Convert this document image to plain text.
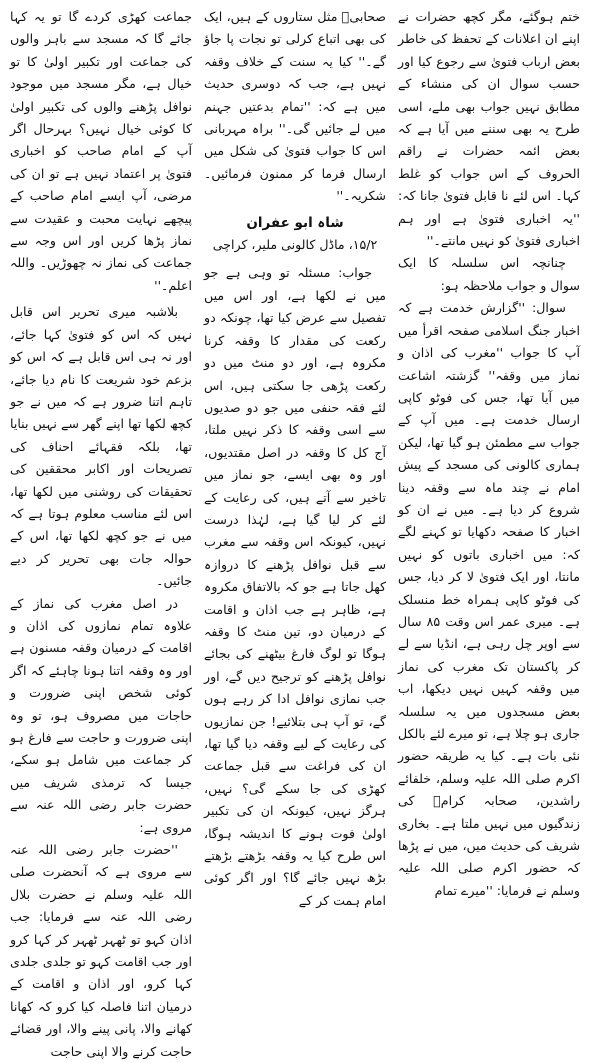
ختم ہوگئے، مگر کچھ حضرات نے اپنے ان اعلانات کے تحفظ کی خاطر بعض ارباب فتویٰ سے رجوع کیا اور حسب سوال ان کی منشاء کے مطابق نہیں جواب بھی ملے، اسی طرح یہ بھی سننے میں آیا ہے کہ بعض ائمہ حضرات نے راقم الحروف کے اس جواب کو غلط کہا۔ اس لئے نا قابل فتویٰ جانا کہ: ''یہ اخباری فتویٰ ہے اور ہم اخباری فتویٰ کو نہیں مانتے۔''

چنانچہ اس سلسلہ کا ایک سوال و جواب ملاحظہ ہو:

سوال: ''گزارش خدمت ہے کہ اخبار جنگ اسلامی صفحہ اقرأ میں آپ کا جواب ''مغرب کی اذان و نماز میں وقفہ'' گزشتہ اشاعت میں آیا تھا، جس کی فوٹو کاپی ارسال خدمت ہے۔ میں آپ کے جواب سے مطمئن ہو گیا تھا، لیکن ہماری کالونی کی مسجد کے پیش امام نے چند ماہ سے وقفہ دینا شروع کر دیا ہے۔ میں نے ان کو اخبار کا صفحہ دکھایا تو کہنے لگے کہ: میں اخباری باتوں کو نہیں مانتا، اور ایک فتویٰ لا کر دیا، جس کی فوٹو کاپی ہمراہ خط منسلک ہے۔ میری عمر اس وقت ۸۵ سال سے اوپر چل رہی ہے، انڈیا سے لے کر پاکستان تک مغرب کی نماز میں وقفہ کہیں نہیں دیکھا، اب بعض مسجدوں میں یہ سلسلہ جاری ہو چلا ہے، تو میرے لئے بالکل نئی بات ہے۔ کیا یہ طریقہ حضور اکرم صلی اللہ علیہ وسلم، خلفائے راشدین، صحابہ کرامؓ کی زندگیوں میں نہیں ملتا ہے۔ بخاری شریف کی حدیث میں، میں نے پڑھا کہ حضور اکرم صلی اللہ علیہ وسلم نے فرمایا: ''میرے تمام

صحابیؓ مثل ستاروں کے ہیں، ایک کی بھی اتباع کرلی تو نجات پا جاؤ گے۔'' کیا یہ سنت کے خلاف وقفہ نہیں ہے، جب کہ دوسری حدیث میں ہے کہ: ''تمام بدعتیں جہنم میں لے جائیں گی۔'' براہ مہربانی اس کا جواب فتویٰ کی شکل میں ارسال فرما کر ممنون فرمائیں۔ شکریہ۔''

شاہ ابو عفران

۱۵/۲، ماڈل کالونی ملیر، کراچی

جواب: مسئلہ تو وہی ہے جو میں نے لکھا ہے، اور اس میں تفصیل سے عرض کیا تھا، چونکہ دو رکعت کی مقدار کا وقفہ کرنا مکروہ ہے، اور دو منٹ میں دو رکعت پڑھی جا سکتی ہیں، اس لئے فقہ حنفی میں جو دو صدیوں سے اسی وقفہ کا ذکر نہیں ملتا، آج کل کا وقفہ در اصل مقتدیوں، اور وہ بھی ایسے، جو نماز میں تاخیر سے آتے ہیں، کی رعایت کے لئے کر لیا گیا ہے، لہٰذا درست نہیں، کیونکہ اس وقفہ سے مغرب سے قبل نوافل پڑھنے کا دروازہ کھل جاتا ہے جو کہ بالاتفاق مکروہ ہے، ظاہر ہے جب اذان و اقامت کے درمیان دو، تین منٹ کا وقفہ ہوگا تو لوگ فارغ بیٹھنے کی بجائے نوافل پڑھنے کو ترجیح دیں گے، اور جب نمازی نوافل ادا کر رہے ہوں گے، تو آپ ہی بتلائیے! جن نمازیوں کی رعایت کے لیے وقفہ دیا گیا تھا، ان کی فراغت سے قبل جماعت کھڑی کی جا سکے گی؟ نہیں، ہرگز نہیں، کیونکہ ان کی تکبیر اولیٰ فوت ہونے کا اندیشہ ہوگا، اس طرح کیا یہ وقفہ بڑھتے بڑھتے بڑھ نہیں جائے گا؟ اور اگر کوئی امام ہمت کر کے

جماعت کھڑی کردے گا تو یہ کہا جائے گا کہ مسجد سے باہر والوں کی جماعت اور تکبیر اولیٰ کا تو خیال ہے، مگر مسجد میں موجود نوافل پڑھنے والوں کی تکبیر اولیٰ کا کوئی خیال نہیں؟ بہرحال اگر آپ کے امام صاحب کو اخباری فتویٰ پر اعتماد نہیں ہے تو ان کی مرضی، آپ ایسے امام صاحب کے پیچھے نہایت محبت و عقیدت سے نماز پڑھا کریں اور اس وجہ سے جماعت کی نماز نہ چھوڑیں۔ واللہ اعلم۔''

بلاشبہ میری تحریر اس قابل نہیں کہ اس کو فتویٰ کہا جائے، اور نہ ہی اس قابل ہے کہ اس کو بزعم خود شریعت کا نام دیا جائے، تاہم اتنا ضرور ہے کہ میں نے جو کچھ لکھا تھا اپنے گھر سے نہیں بنایا تھا، بلکہ فقہائے احناف کی تصریحات اور اکابر محققین کی تحقیقات کی روشنی میں لکھا تھا، اس لئے مناسب معلوم ہوتا ہے کہ میں نے جو کچھ لکھا تھا، اس کے حوالہ جات بھی تحریر کر دیے جائیں۔

در اصل مغرب کی نماز کے علاوہ تمام نمازوں کی اذان و اقامت کے درمیان وقفہ مسنون ہے اور وہ وقفہ اتنا ہونا چاہئے کہ اگر کوئی شخص اپنی ضرورت و حاجات میں مصروف ہو، تو وہ اپنی ضرورت و حاجت سے فارغ ہو کر جماعت میں شامل ہو سکے، جیسا کہ ترمذی شریف میں حضرت جابر رضی اللہ عنہ سے مروی ہے:

''حضرت جابر رضی اللہ عنہ سے مروی ہے کہ آنحضرت صلی اللہ علیہ وسلم نے حضرت بلال رضی اللہ عنہ سے فرمایا: جب اذان کہو تو ٹھہر ٹھہر کر کہا کرو اور جب اقامت کہو تو جلدی جلدی کہا کرو، اور اذان و اقامت کے درمیان اتنا فاصلہ کیا کرو کہ کھانا کھانے والا، پانی پینے والا، اور قضائے حاجت کرنے والا اپنی حاجت
